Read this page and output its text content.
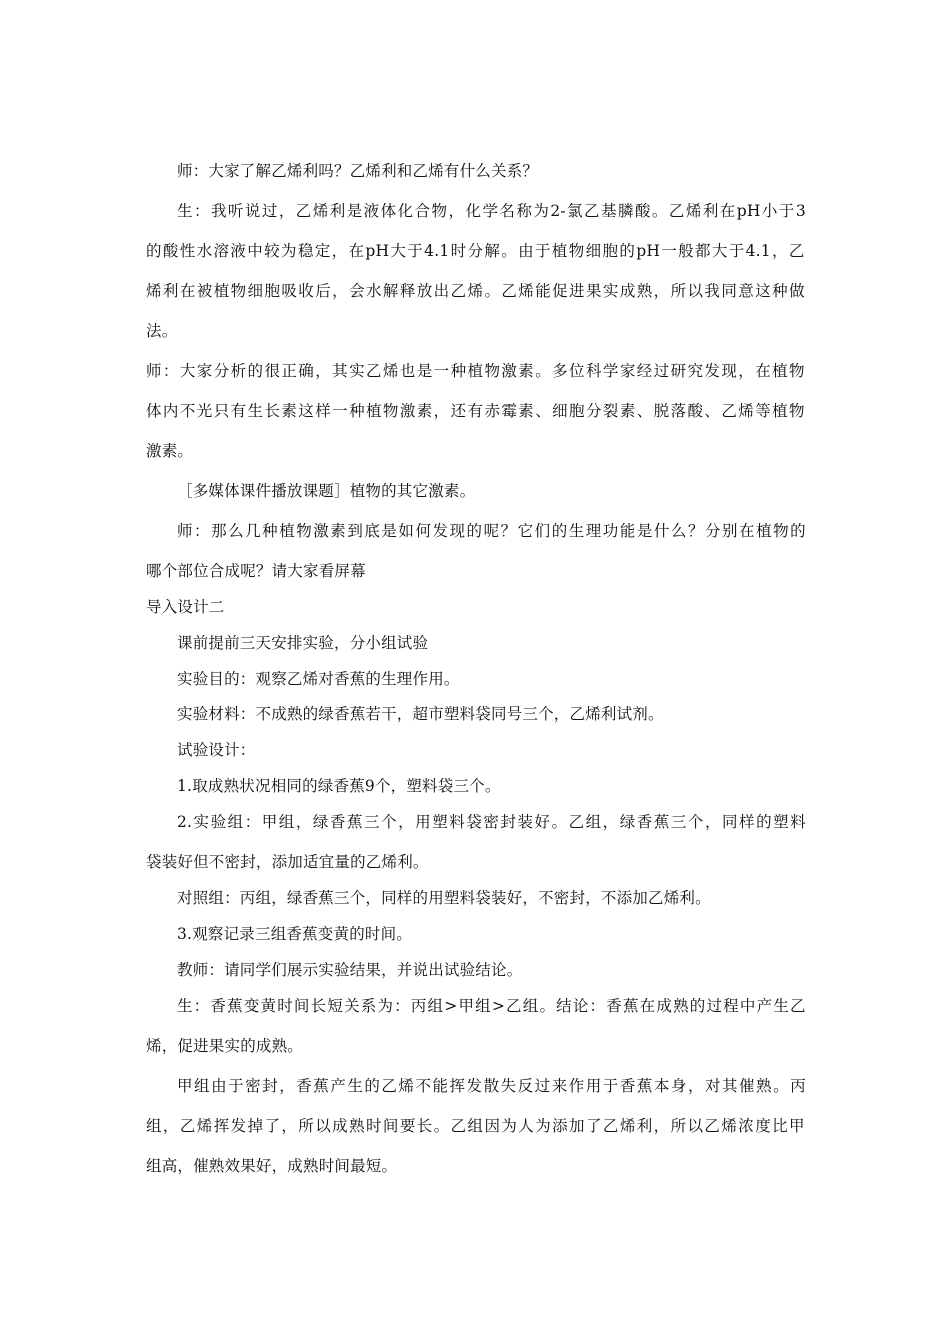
师：大家了解乙烯利吗？乙烯利和乙烯有什么关系？
生 ： 我 听 说 过 ， 乙 烯 利 是 液 体 化 合 物 ， 化 学 名 称 为 2- 氯 乙 基 膦 酸 。 乙 烯 利 在 pH 小 于 3
的 酸 性 水 溶 液 中 较 为 稳 定 ， 在 pH 大 于 4.1 时 分 解 。 由 于 植 物 细 胞 的 pH 一 般 都 大 于 4.1 ， 乙
烯 利 在 被 植 物 细 胞 吸 收 后 ， 会 水 解 释 放 出 乙 烯 。 乙 烯 能 促 进 果 实 成 熟 ， 所 以 我 同 意 这 种 做
法。
师 ： 大 家 分 析 的 很 正 确 ， 其 实 乙 烯 也 是 一 种 植 物 激 素 。 多 位 科 学 家 经 过 研 究 发 现 ， 在 植 物
体 内 不 光 只 有 生 长 素 这 样 一 种 植 物 激 素 ， 还 有 赤 霉 素 、 细 胞 分 裂 素 、 脱 落 酸 、 乙 烯 等 植 物
激素。
［多媒体课件播放课题］植物的其它激素。
师 ： 那 么 几 种 植 物 激 素 到 底 是 如 何 发 现 的 呢 ？ 它 们 的 生 理 功 能 是 什 么 ？ 分 别 在 植 物 的
哪个部位合成呢？请大家看屏幕
导入设计二
课前提前三天安排实验，分小组试验
实验目的：观察乙烯对香蕉的生理作用。
实验材料：不成熟的绿香蕉若干，超市塑料袋同号三个，乙烯利试剂。
试验设计：
1.取成熟状况相同的绿香蕉9个，塑料袋三个。
2. 实 验 组 ： 甲 组 ， 绿 香 蕉 三 个 ， 用 塑 料 袋 密 封 装 好 。 乙 组 ， 绿 香 蕉 三 个 ， 同 样 的 塑 料
袋装好但不密封，添加适宜量的乙烯利。
对照组：丙组，绿香蕉三个，同样的用塑料袋装好，不密封，不添加乙烯利。
3.观察记录三组香蕉变黄的时间。
教师：请同学们展示实验结果，并说出试验结论。
生 ： 香 蕉 变 黄 时 间 长 短 关 系 为 ： 丙 组 > 甲 组 > 乙 组 。 结 论 ： 香 蕉 在 成 熟 的 过 程 中 产 生 乙
烯，促进果实的成熟。
甲 组 由 于 密 封 ， 香 蕉 产 生 的 乙 烯 不 能 挥 发 散 失 反 过 来 作 用 于 香 蕉 本 身 ， 对 其 催 熟 。 丙
组 ， 乙 烯 挥 发 掉 了 ， 所 以 成 熟 时 间 要 长 。 乙 组 因 为 人 为 添 加 了 乙 烯 利 ， 所 以 乙 烯 浓 度 比 甲
组高，催熟效果好，成熟时间最短。
